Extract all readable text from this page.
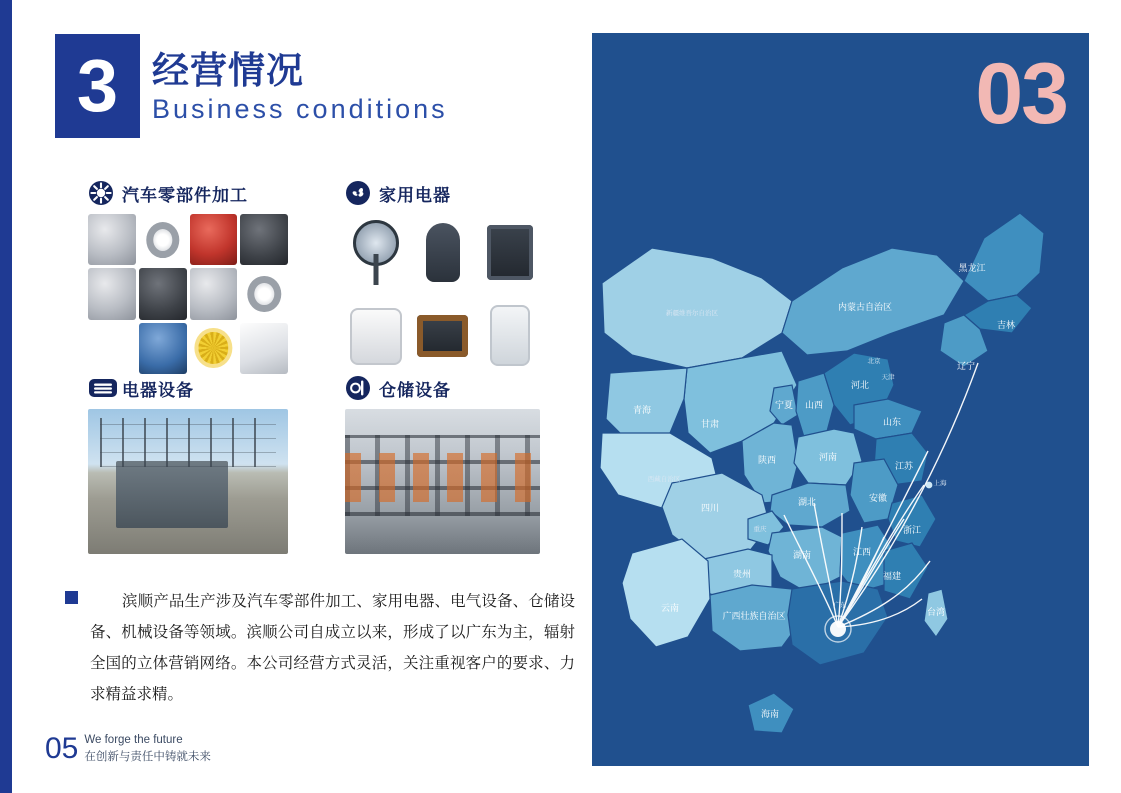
3 经营情况
Business conditions
汽车零部件加工	家用电器
电器设备	仓储设备
滨顺产品生产涉及汽车零部件加工、家用电器、电气设备、仓储设备、机械设备等领域。滨顺公司自成立以来，形成了以广东为主，辐射全国的立体营销网络。本公司经营方式灵活，关注重视客户的要求、力求精益求精。
05 We forge the future
在创新与责任中铸就未来
03
黑龙江
吉林
辽宁
内蒙古自治区
新疆维吾尔自治区
西藏自治区
青海
甘肃
宁夏
陕西
山西
河北
北京
天津
山东
河南
江苏
安徽
上海
湖北
四川
重庆	浙江
湖南	江西
贵州	福建
云南
广西壮族自治区
广东
台湾
海南
